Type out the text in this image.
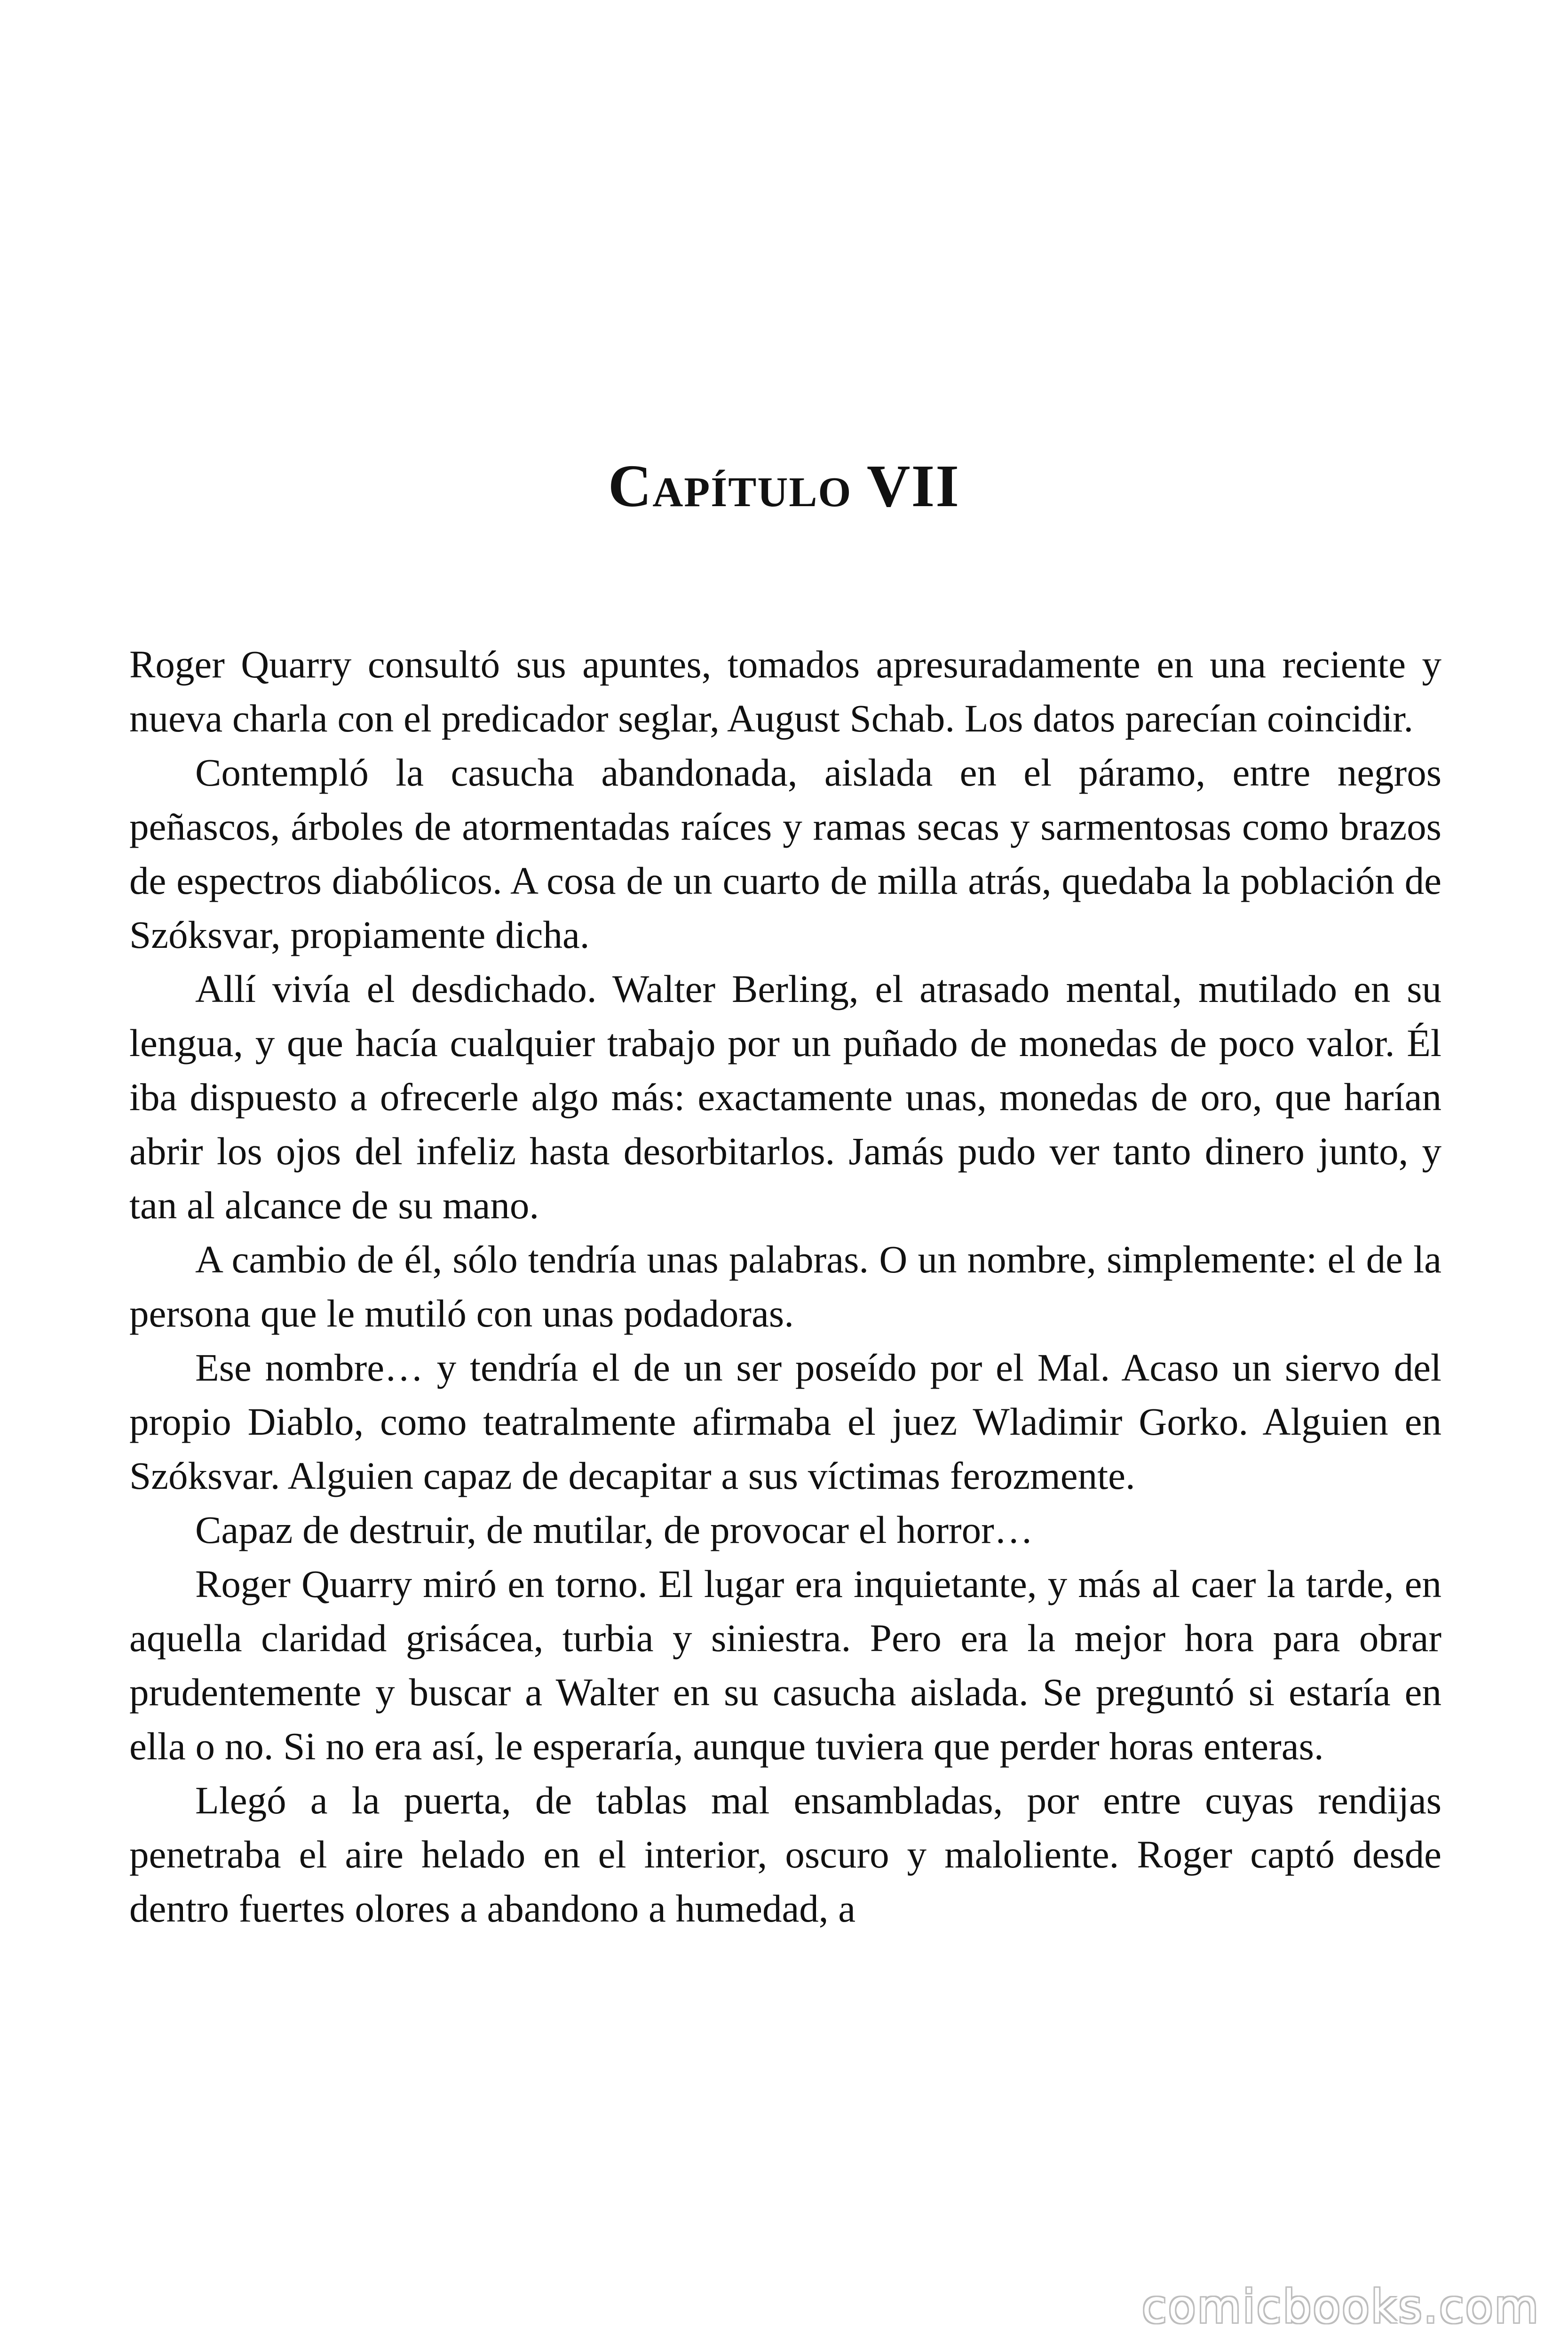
Capítulo VII

Roger Quarry consultó sus apuntes, tomados apresuradamente en una reciente y nueva charla con el predicador seglar, August Schab. Los datos parecían coincidir.

Contempló la casucha abandonada, aislada en el páramo, entre negros peñascos, árboles de atormentadas raíces y ramas secas y sarmentosas como brazos de espectros diabólicos. A cosa de un cuarto de milla atrás, quedaba la población de Szóksvar, propiamente dicha.

Allí vivía el desdichado. Walter Berling, el atrasado mental, mutilado en su lengua, y que hacía cualquier trabajo por un puñado de monedas de poco valor. Él iba dispuesto a ofrecerle algo más: exactamente unas, monedas de oro, que harían abrir los ojos del infeliz hasta desorbitarlos. Jamás pudo ver tanto dinero junto, y tan al alcance de su mano.

A cambio de él, sólo tendría unas palabras. O un nombre, simplemente: el de la persona que le mutiló con unas podadoras.

Ese nombre… y tendría el de un ser poseído por el Mal. Acaso un siervo del propio Diablo, como teatralmente afirmaba el juez Wladimir Gorko. Alguien en Szóksvar. Alguien capaz de decapitar a sus víctimas ferozmente.

Capaz de destruir, de mutilar, de provocar el horror…

Roger Quarry miró en torno. El lugar era inquietante, y más al caer la tarde, en aquella claridad grisácea, turbia y siniestra. Pero era la mejor hora para obrar prudentemente y buscar a Walter en su casucha aislada. Se preguntó si estaría en ella o no. Si no era así, le esperaría, aunque tuviera que perder horas enteras.

Llegó a la puerta, de tablas mal ensambladas, por entre cuyas rendijas penetraba el aire helado en el interior, oscuro y maloliente. Roger captó desde dentro fuertes olores a abandono a humedad, a

comicbooks.com
